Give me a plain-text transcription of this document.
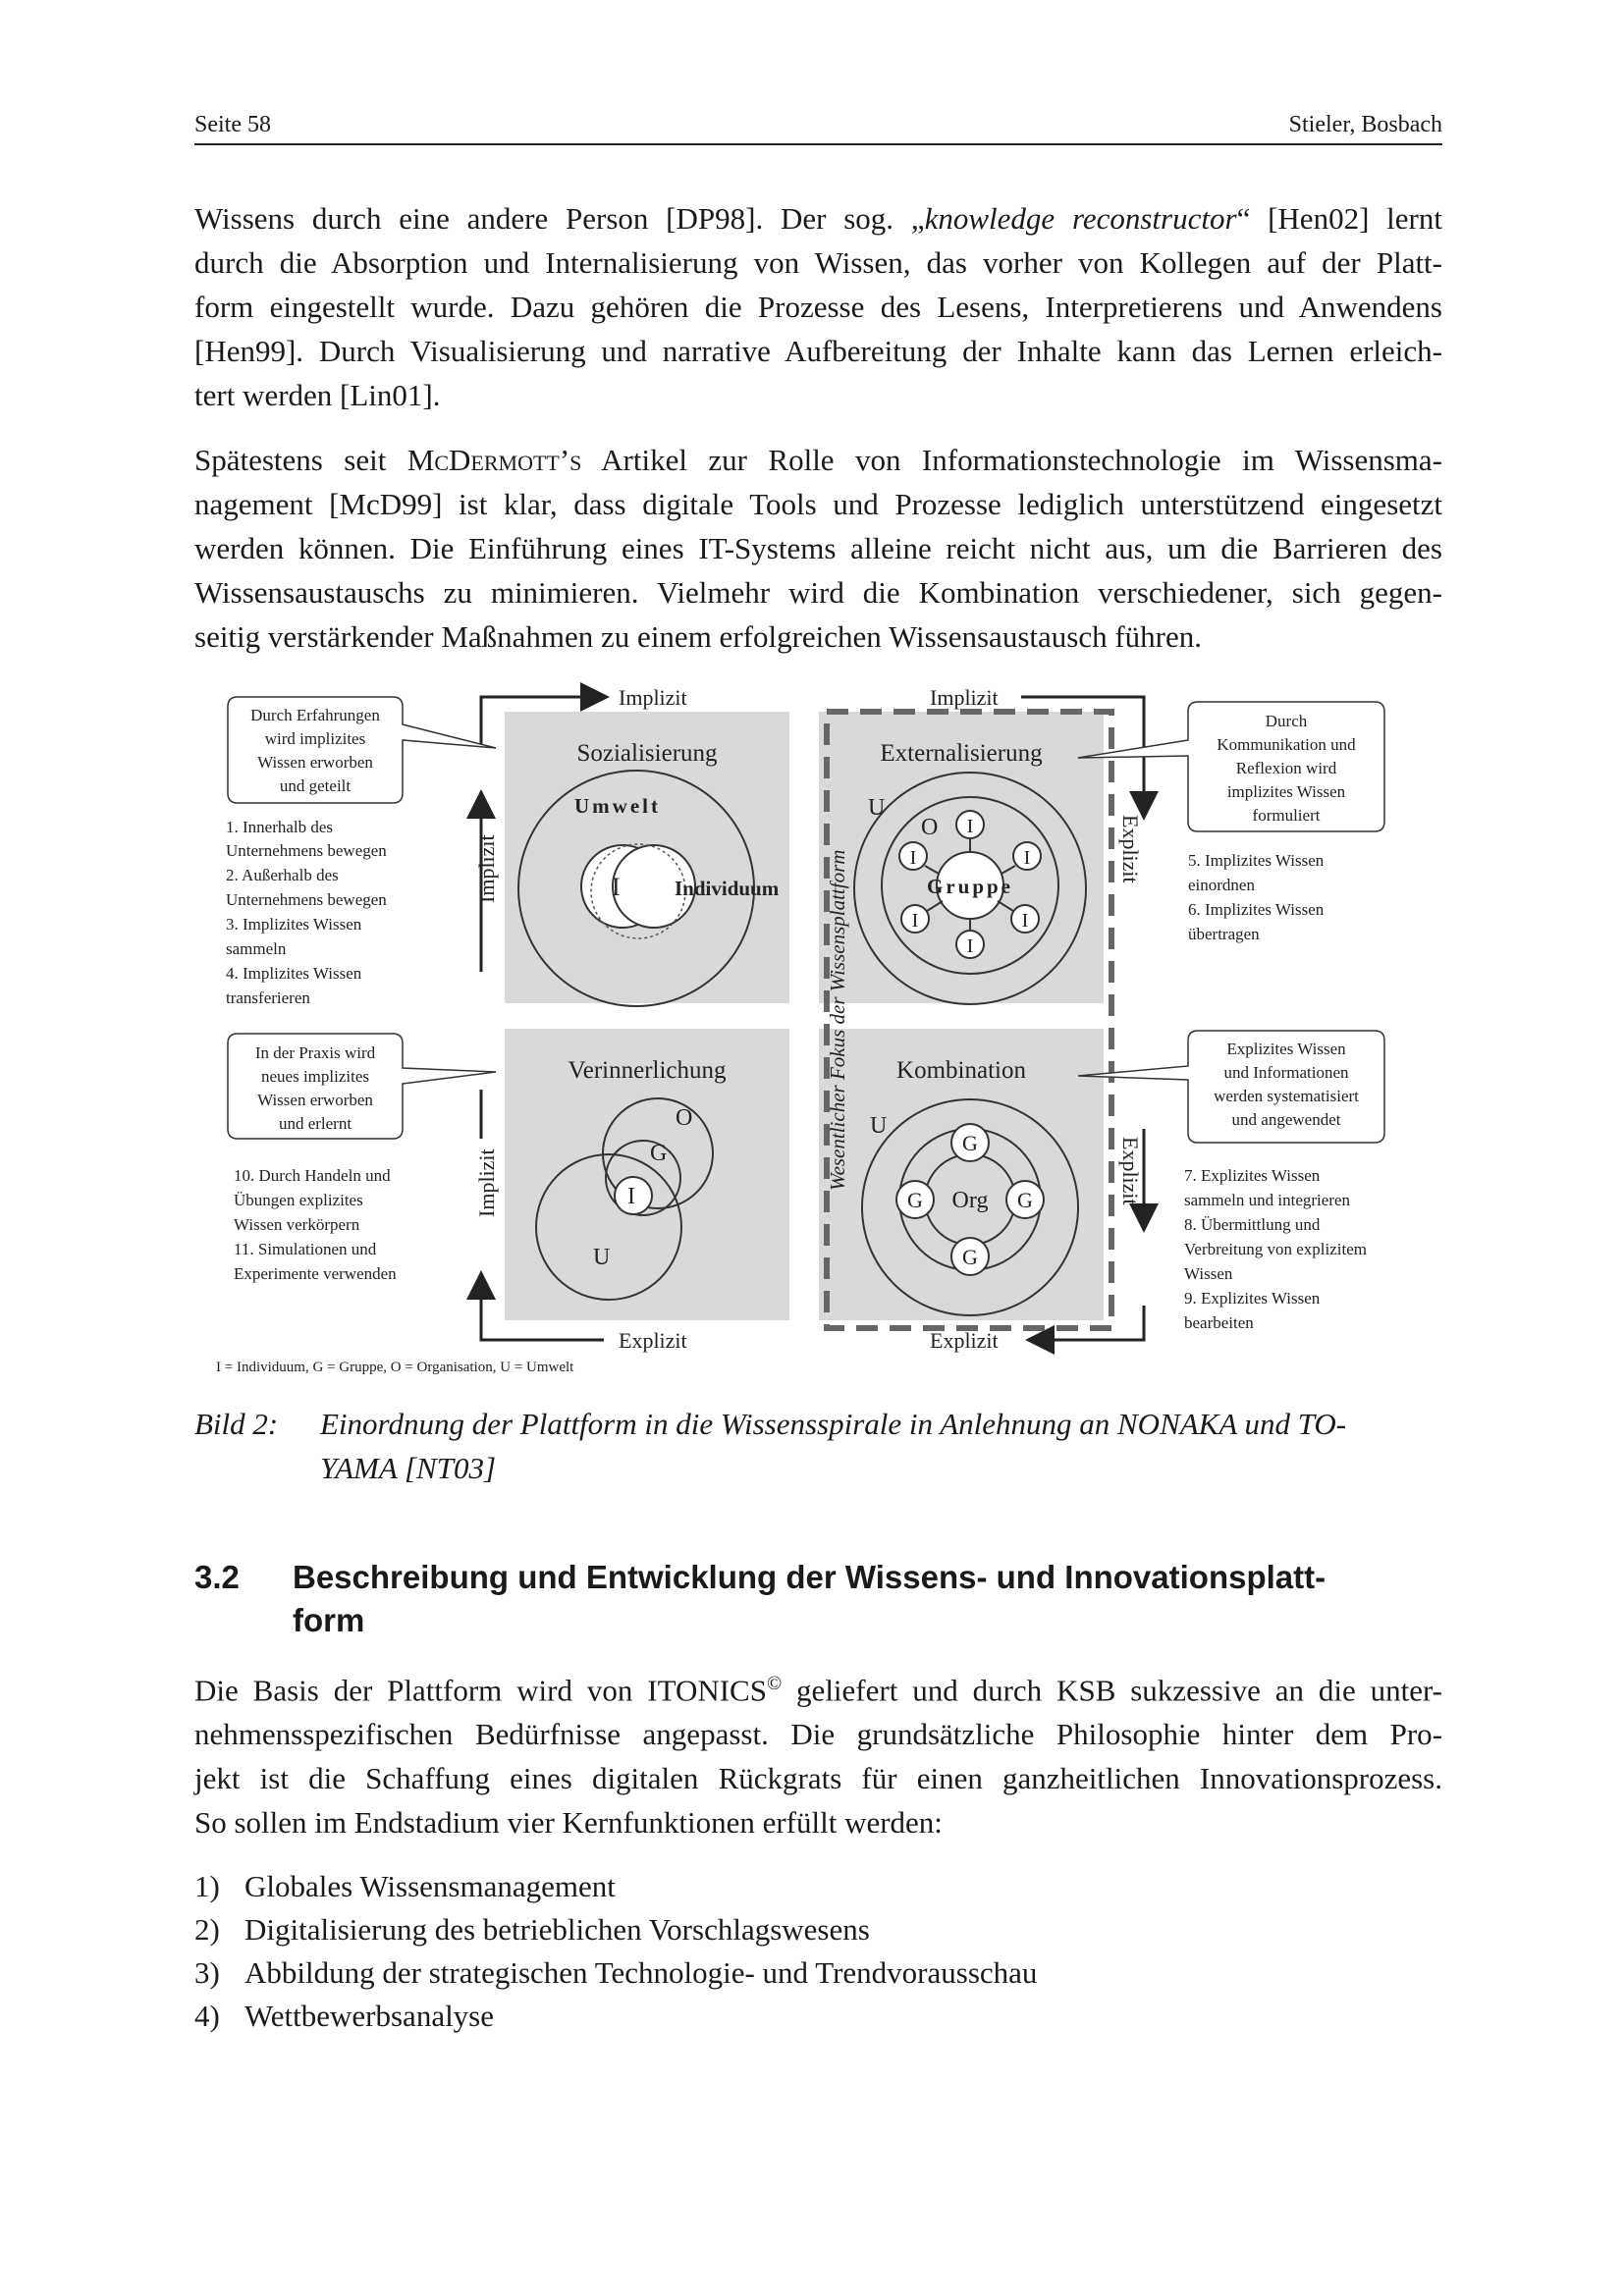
Seite 58	Stieler, Bosbach
Wissens durch eine andere Person [DP98]. Der sog. „knowledge reconstructor“ [Hen02] lernt
durch die Absorption und Internalisierung von Wissen, das vorher von Kollegen auf der Platt-
form eingestellt wurde. Dazu gehören die Prozesse des Lesens, Interpretierens und Anwendens
[Hen99]. Durch Visualisierung und narrative Aufbereitung der Inhalte kann das Lernen erleich-
tert werden [Lin01].
Spätestens seit McDermott’s Artikel zur Rolle von Informationstechnologie im Wissensma-
nagement [McD99] ist klar, dass digitale Tools und Prozesse lediglich unterstützend eingesetzt
werden können. Die Einführung eines IT-Systems alleine reicht nicht aus, um die Barrieren des
Wissensaustauschs zu minimieren. Vielmehr wird die Kombination verschiedener, sich gegen-
seitig verstärkender Maßnahmen zu einem erfolgreichen Wissensaustausch führen.
Implizit	Implizit
Explizit
Explizit
Implizit
Implizit
Explizit
Explizit
Wesentlicher Fokus der Wissensplattform
Sozialisierung
Umwelt
I	Individuum
Externalisierung
U
O
Gruppe
I
I
I	I
I	I
Verinnerlichung
O
G
I
U
Kombination
U
Org
G
G
G	G
Durch Erfahrungen
wird implizites
Wissen erworben
und geteilt
Durch
Kommunikation und
Reflexion wird
implizites Wissen
formuliert
In der Praxis wird
neues implizites
Wissen erworben
und erlernt
Explizites Wissen
und Informationen
werden systematisiert
und angewendet
1. Innerhalb des
Unternehmens bewegen
2. Außerhalb des
Unternehmens bewegen
3. Implizites Wissen
sammeln
4. Implizites Wissen
transferieren
5. Implizites Wissen
einordnen
6. Implizites Wissen
übertragen
10. Durch Handeln und
Übungen explizites
Wissen verkörpern
11. Simulationen und
Experimente verwenden
7. Explizites Wissen
sammeln und integrieren
8. Übermittlung und
Verbreitung von explizitem
Wissen
9. Explizites Wissen
bearbeiten
I = Individuum, G = Gruppe, O = Organisation, U = Umwelt
Bild 2: Einordnung der Plattform in die Wissensspirale in Anlehnung an NONAKA und TO-
YAMA [NT03]
3.2 Beschreibung und Entwicklung der Wissens- und Innovationsplatt-
form
Die Basis der Plattform wird von ITONICS© geliefert und durch KSB sukzessive an die unter-
nehmensspezifischen Bedürfnisse angepasst. Die grundsätzliche Philosophie hinter dem Pro-
jekt ist die Schaffung eines digitalen Rückgrats für einen ganzheitlichen Innovationsprozess.
So sollen im Endstadium vier Kernfunktionen erfüllt werden:
1) Globales Wissensmanagement
2) Digitalisierung des betrieblichen Vorschlagswesens
3) Abbildung der strategischen Technologie- und Trendvorausschau
4) Wettbewerbsanalyse
